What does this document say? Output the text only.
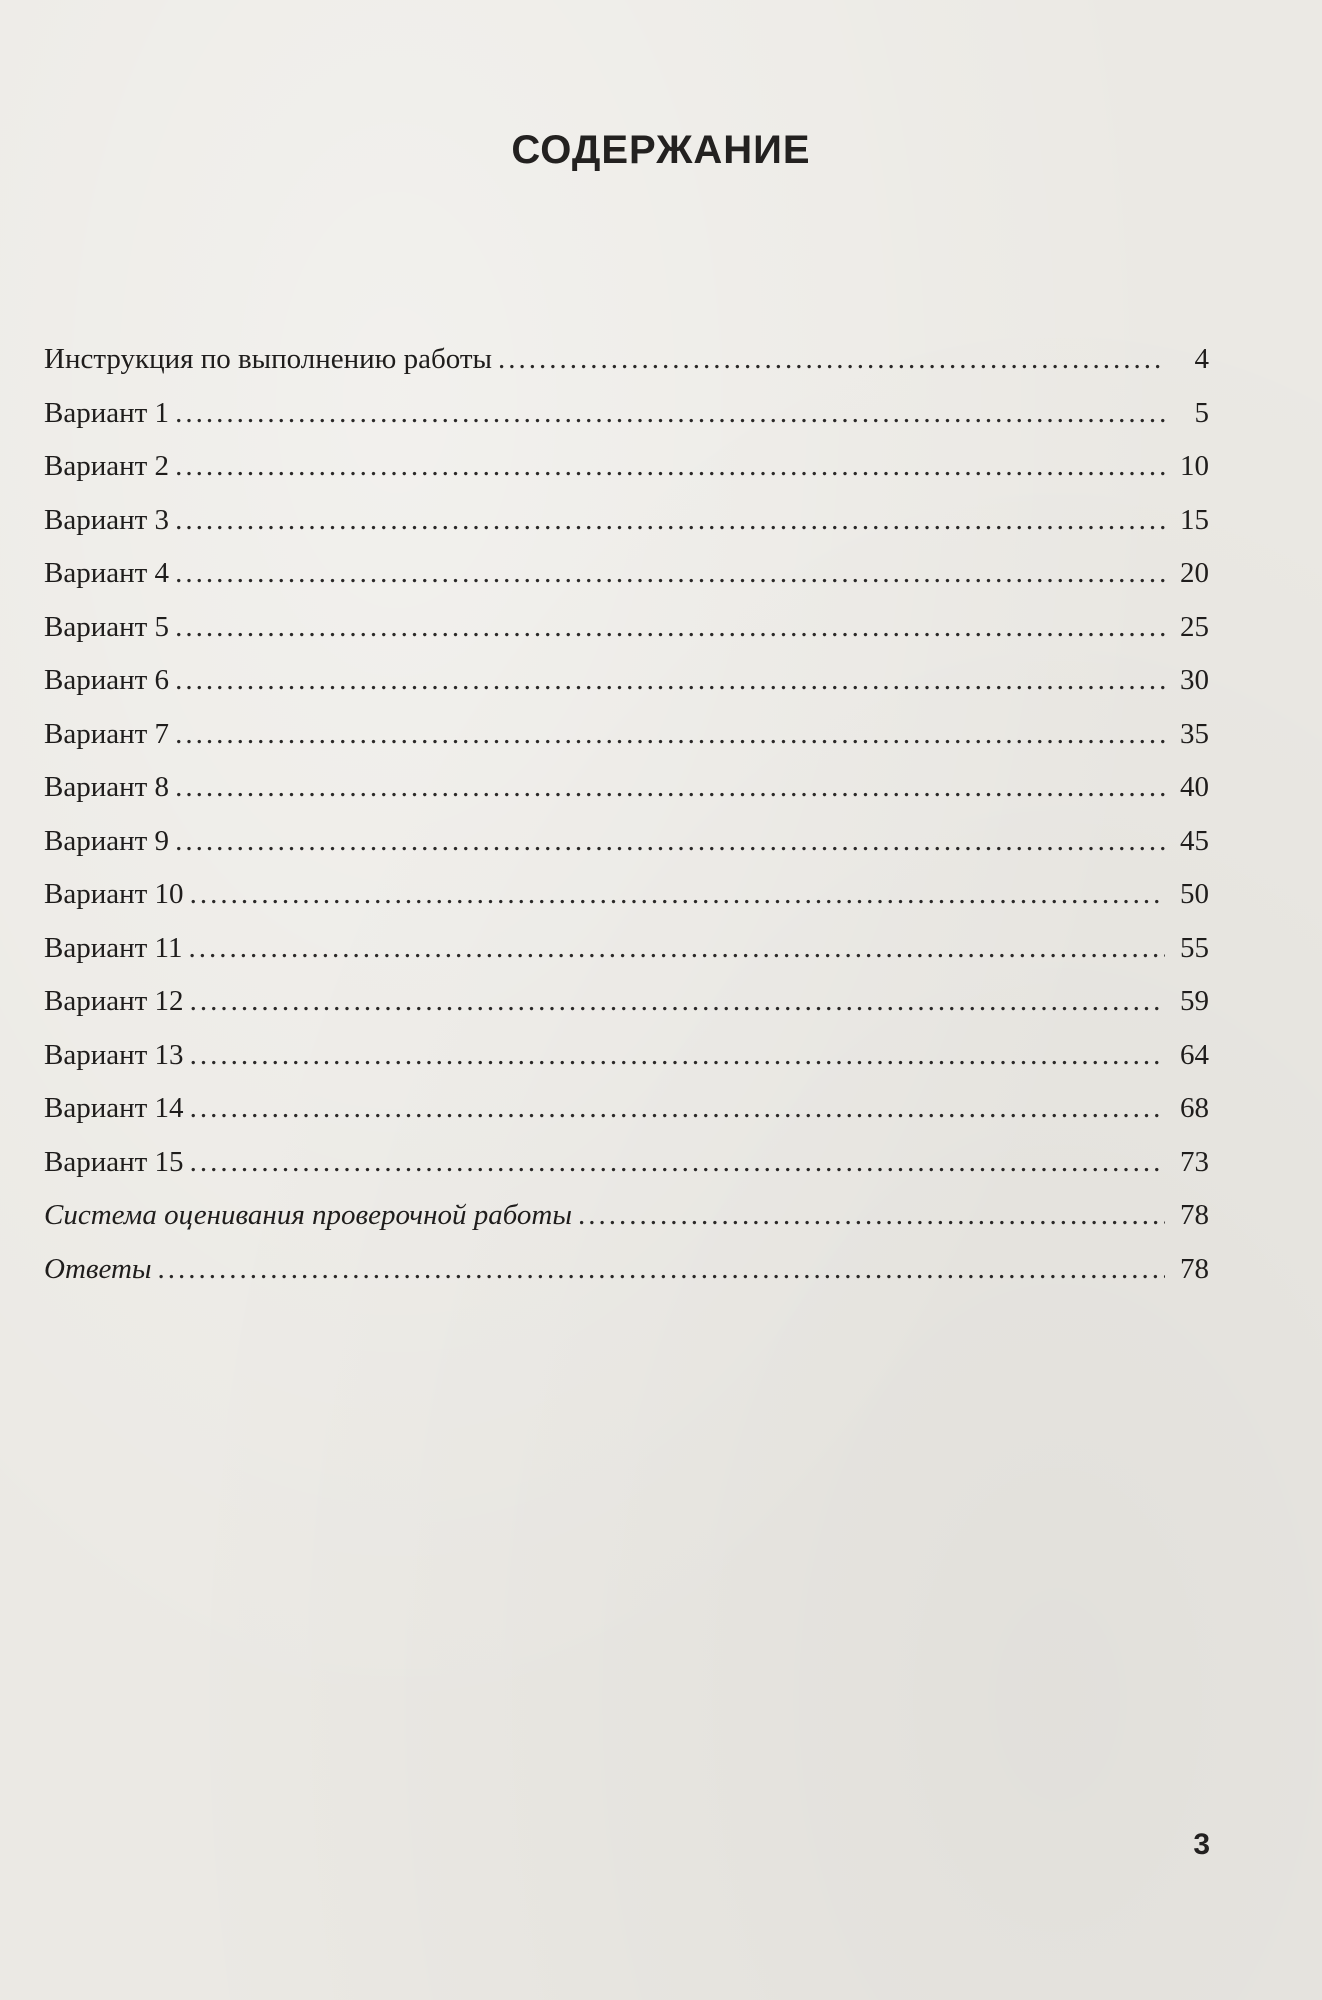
СОДЕРЖАНИЕ
Инструкция по выполнению работы .....	4
Вариант 1 .....	5
Вариант 2 .....	10
Вариант 3 .....	15
Вариант 4 .....	20
Вариант 5 .....	25
Вариант 6 .....	30
Вариант 7 .....	35
Вариант 8 .....	40
Вариант 9 .....	45
Вариант 10 .....	50
Вариант 11 .....	55
Вариант 12 .....	59
Вариант 13 .....	64
Вариант 14 .....	68
Вариант 15 .....	73
Система оценивания проверочной работы .....	78
Ответы .....	78
3
